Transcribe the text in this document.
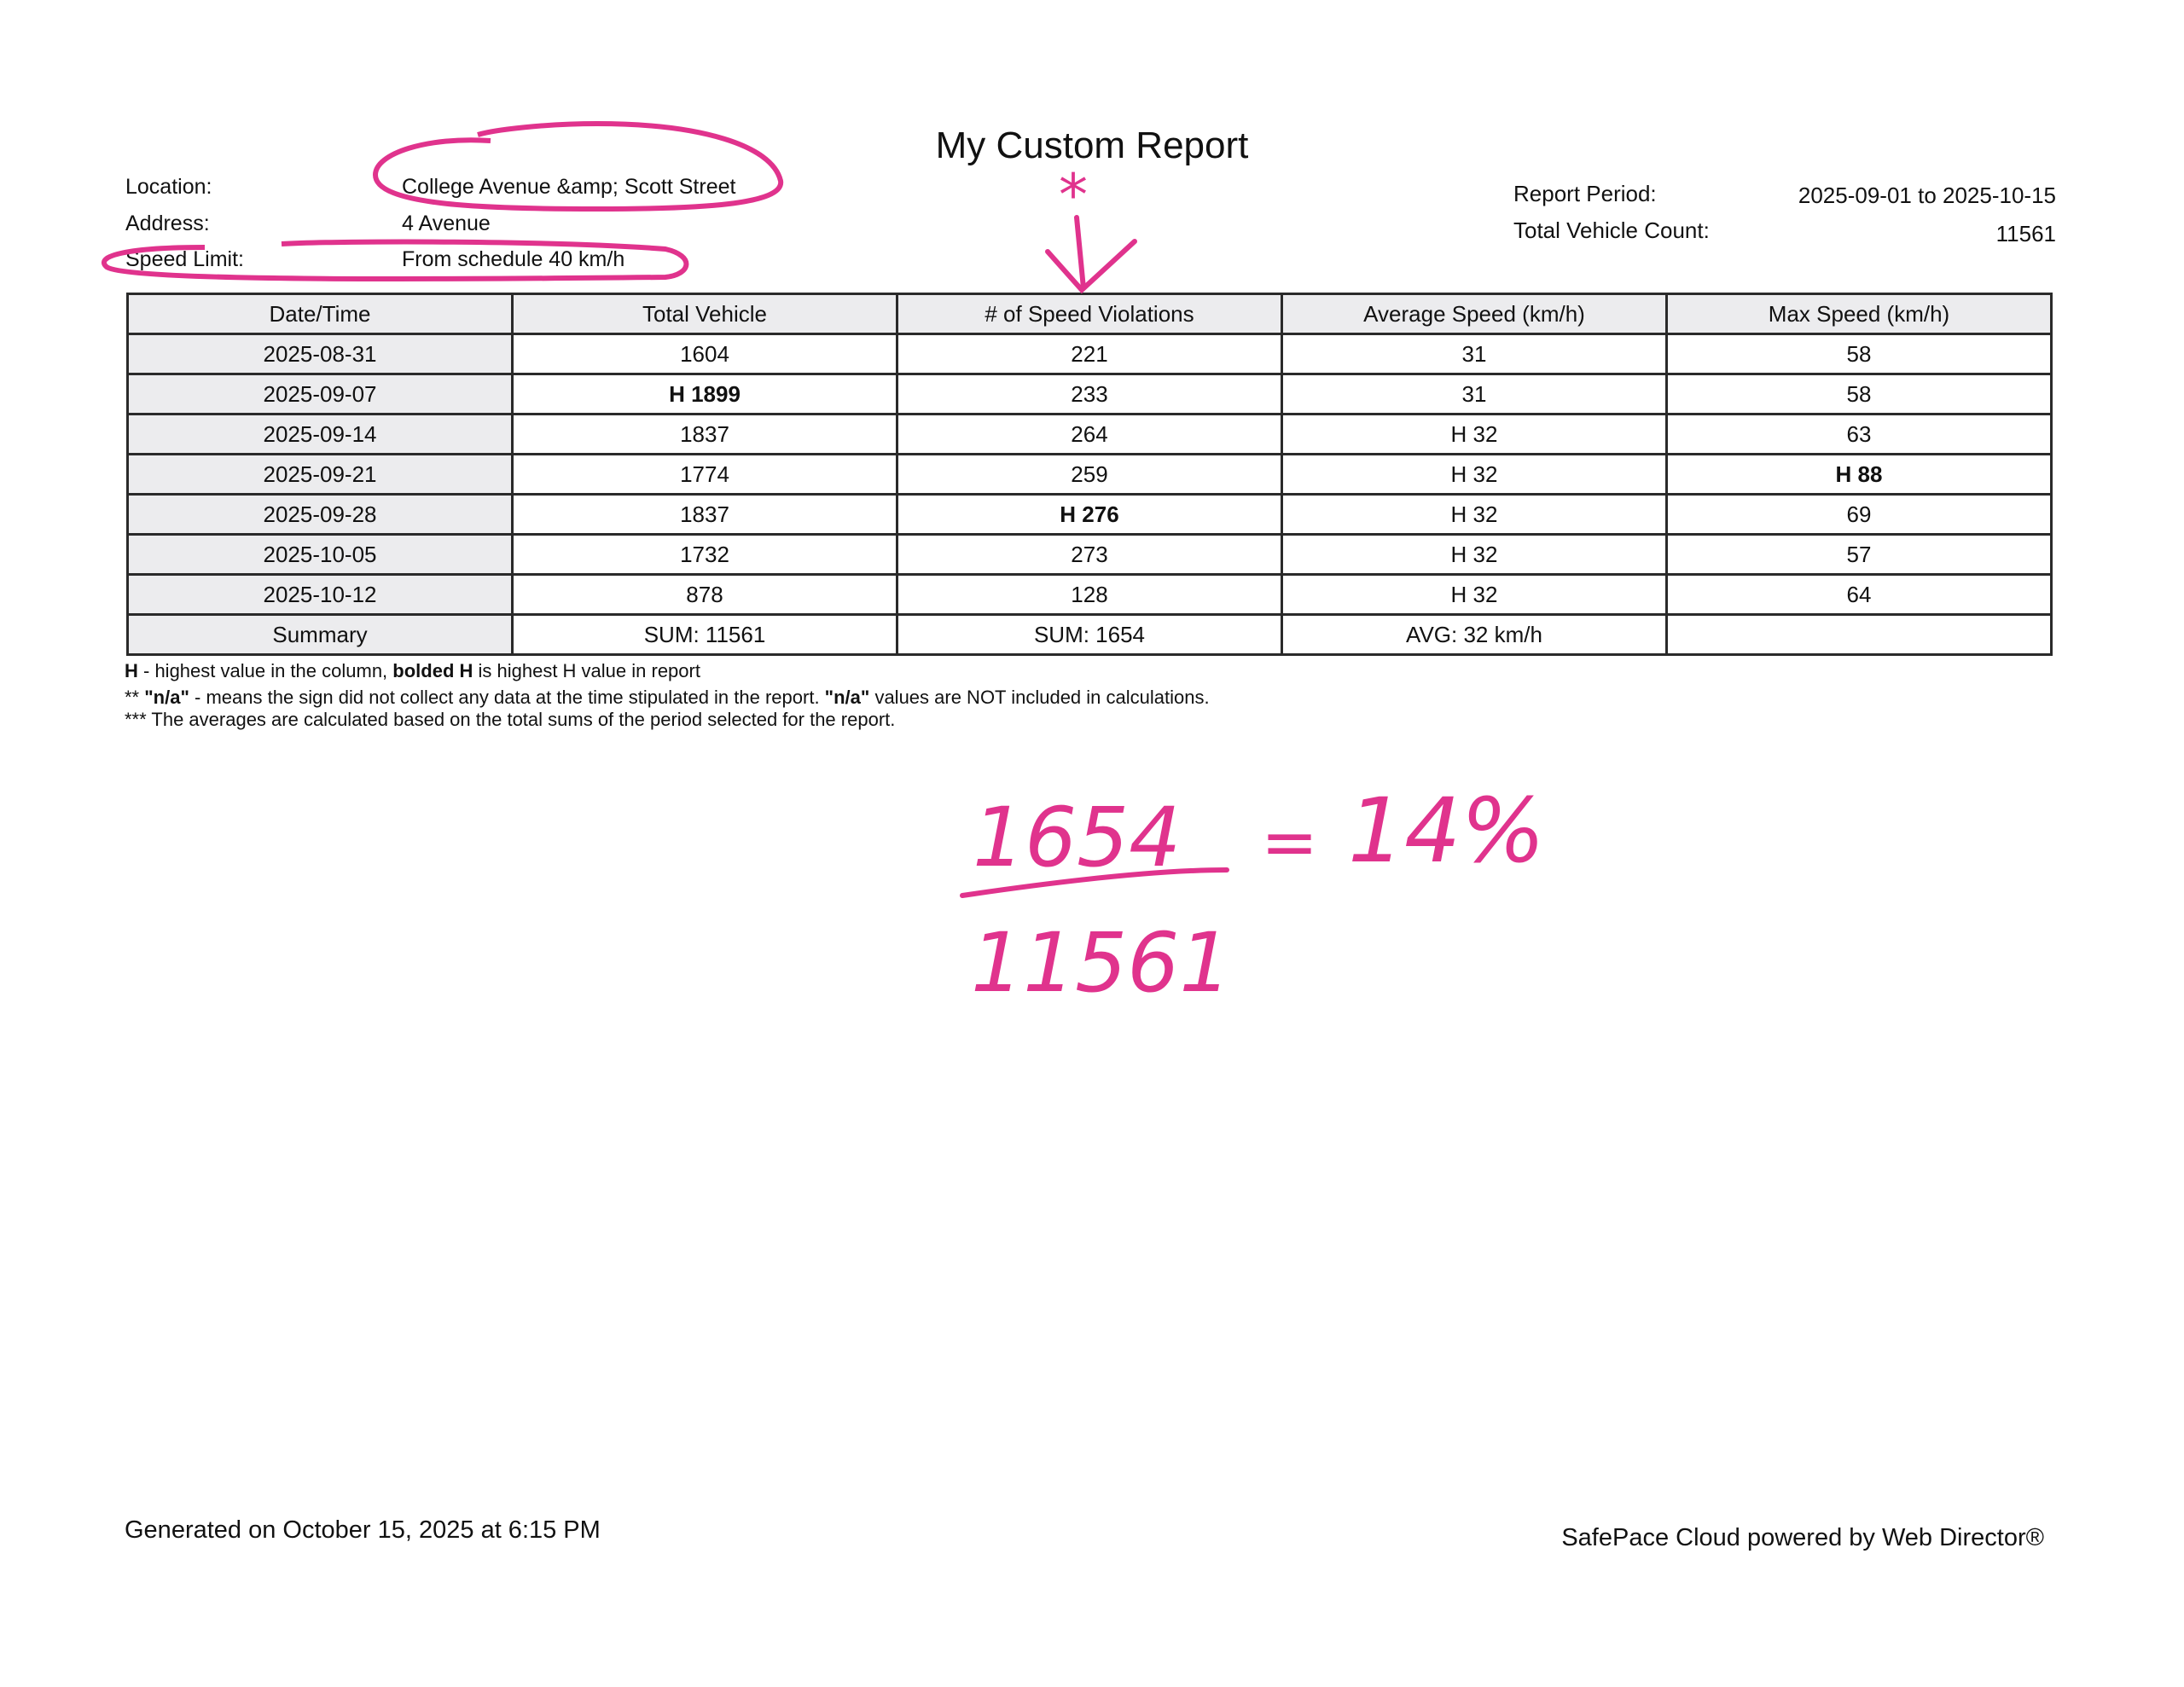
My Custom Report
Location:	College Avenue &amp; Scott Street
Address:	4 Avenue
Speed Limit:	From schedule 40 km/h
Report Period:	2025-09-01 to 2025-10-15
Total Vehicle Count:	11561
Date/Time	Total Vehicle	# of Speed Violations	Average Speed (km/h)	Max Speed (km/h)
2025-08-31	1604	221	31	58
2025-09-07	H 1899	233	31	58
2025-09-14	1837	264	H 32	63
2025-09-21	1774	259	H 32	H 88
2025-09-28	1837	H 276	H 32	69
2025-10-05	1732	273	H 32	57
2025-10-12	878	128	H 32	64
Summary	SUM: 11561	SUM: 1654	AVG: 32 km/h	
H - highest value in the column, bolded H is highest H value in report
** "n/a" - means the sign did not collect any data at the time stipulated in the report. "n/a" values are NOT included in calculations.
*** The averages are calculated based on the total sums of the period selected for the report.
*
1654
11561
= 14%
Generated on October 15, 2025 at 6:15 PM	SafePace Cloud powered by Web Director®
